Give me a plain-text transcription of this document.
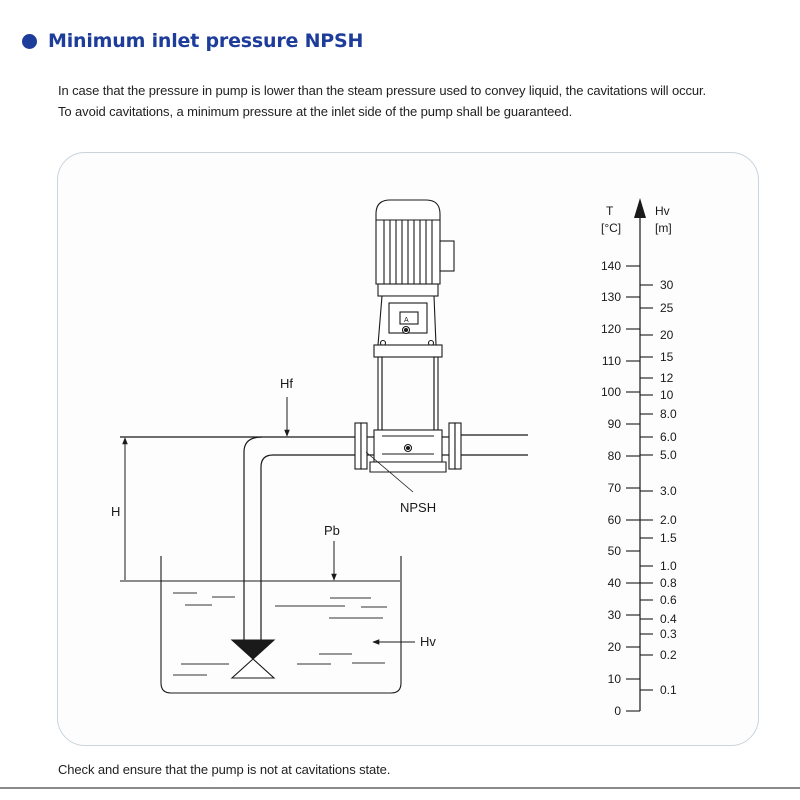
Minimum inlet pressure NPSH

In case that the pressure in pump is lower than the steam pressure used to convey liquid, the cavitations will occur.

To avoid cavitations, a minimum pressure at the inlet side of the pump shall be guaranteed.

A
Hf
H	NPSH
Pb
Hv
T
[°C]
Hv
[m]
140
130
120
110
100
90
80
70
60
50
40
30
20
10
0
30
25
20
15
12
10
8.0
6.0
5.0
3.0
2.0
1.5
1.0
0.8
0.6
0.4
0.3
0.2
0.1
Check and ensure that the pump is not at cavitations state.
